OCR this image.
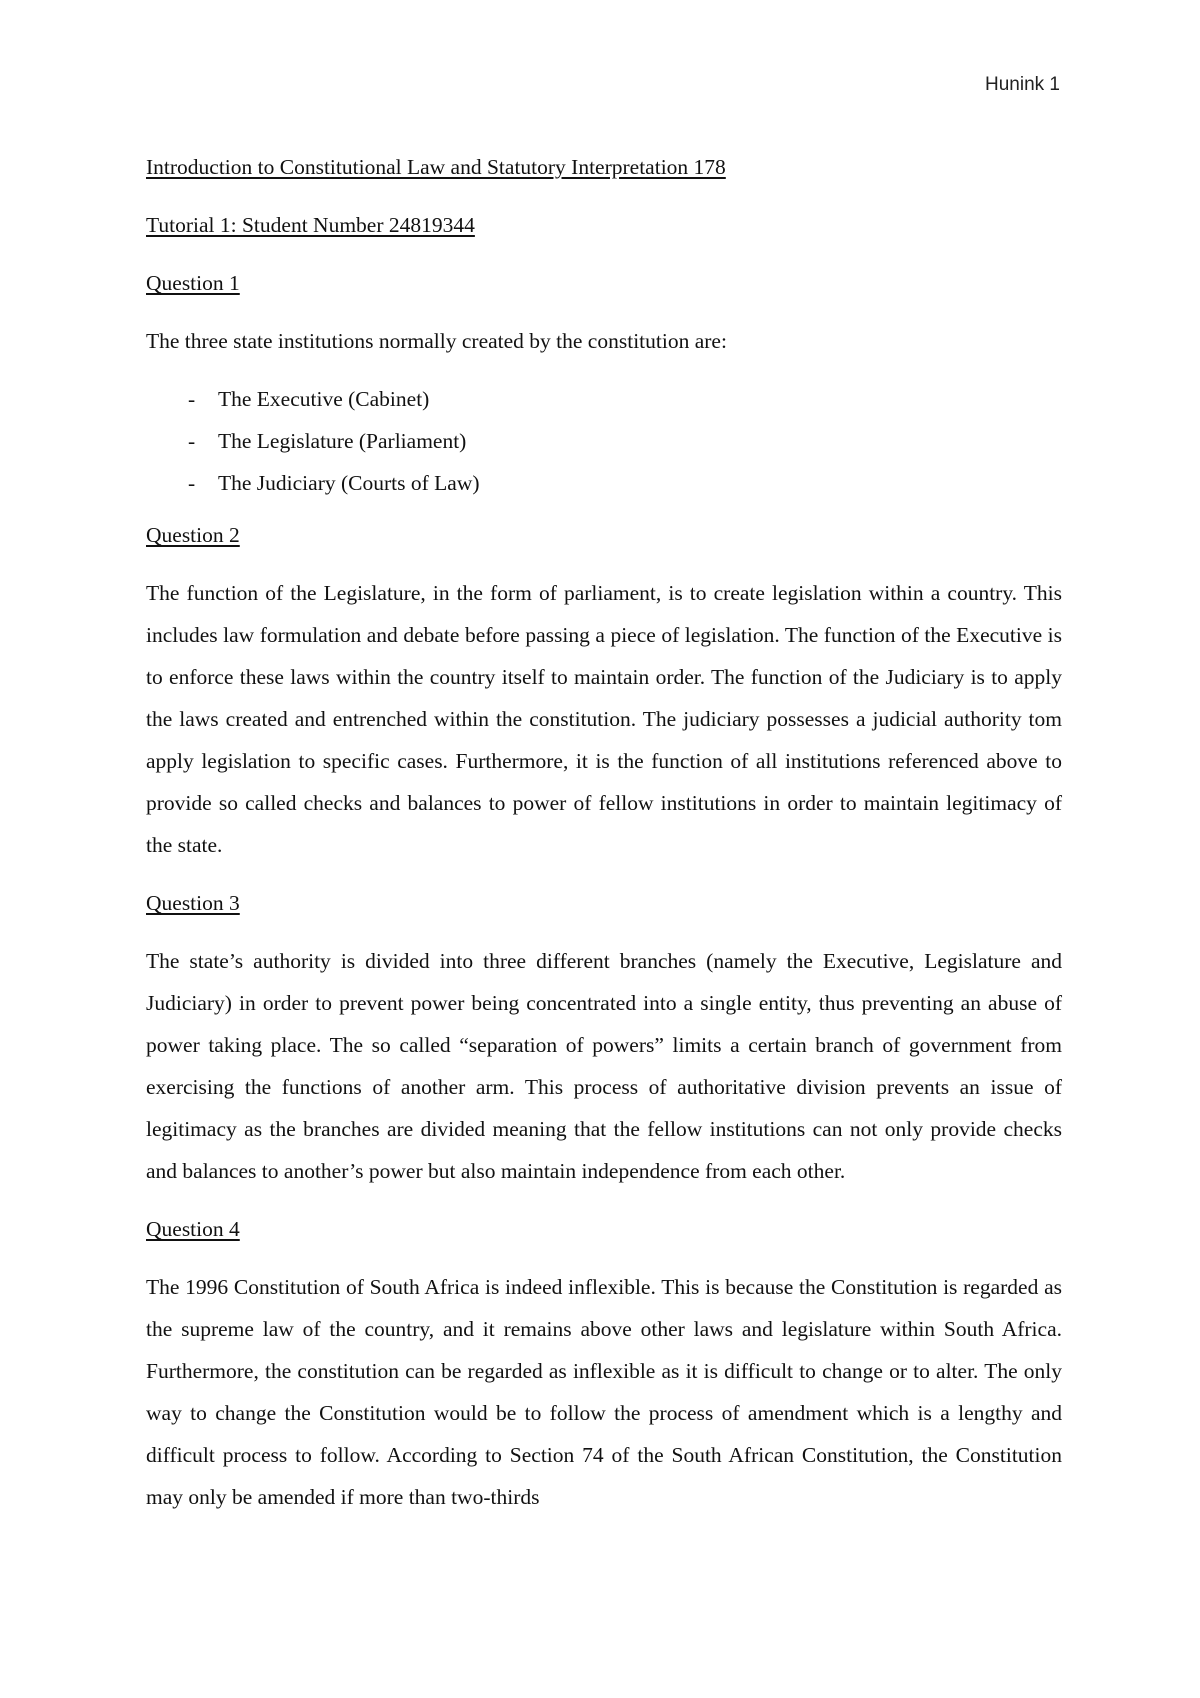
Hunink 1

Introduction to Constitutional Law and Statutory Interpretation 178

Tutorial 1: Student Number 24819344

Question 1

The three state institutions normally created by the constitution are:

- The Executive (Cabinet)
- The Legislature (Parliament)
- The Judiciary (Courts of Law)

Question 2

The function of the Legislature, in the form of parliament, is to create legislation within a country. This includes law formulation and debate before passing a piece of legislation. The function of the Executive is to enforce these laws within the country itself to maintain order. The function of the Judiciary is to apply the laws created and entrenched within the constitution. The judiciary possesses a judicial authority tom apply legislation to specific cases. Furthermore, it is the function of all institutions referenced above to provide so called checks and balances to power of fellow institutions in order to maintain legitimacy of the state.

Question 3

The state’s authority is divided into three different branches (namely the Executive, Legislature and Judiciary) in order to prevent power being concentrated into a single entity, thus preventing an abuse of power taking place. The so called “separation of powers” limits a certain branch of government from exercising the functions of another arm. This process of authoritative division prevents an issue of legitimacy as the branches are divided meaning that the fellow institutions can not only provide checks and balances to another’s power but also maintain independence from each other.

Question 4

The 1996 Constitution of South Africa is indeed inflexible. This is because the Constitution is regarded as the supreme law of the country, and it remains above other laws and legislature within South Africa. Furthermore, the constitution can be regarded as inflexible as it is difficult to change or to alter. The only way to change the Constitution would be to follow the process of amendment which is a lengthy and difficult process to follow. According to Section 74 of the South African Constitution, the Constitution may only be amended if more than two-thirds
